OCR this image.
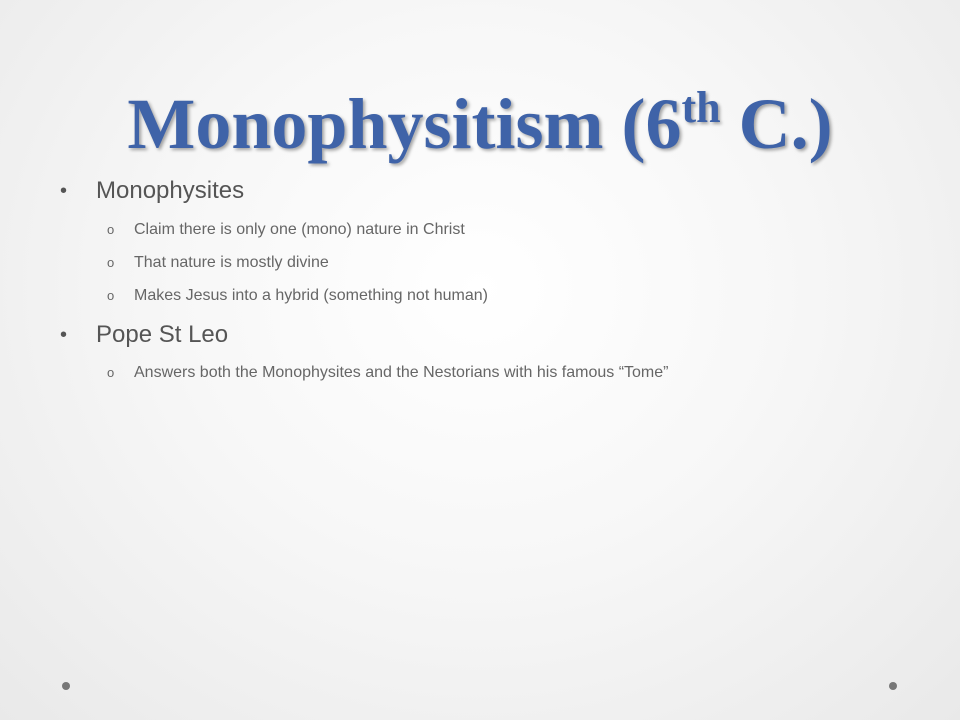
Monophysitism (6th C.)
• Monophysites
o Claim there is only one (mono) nature in Christ
o That nature is mostly divine
o Makes Jesus into a hybrid (something not human)
• Pope St Leo
o Answers both the Monophysites and the Nestorians with his famous “Tome”
